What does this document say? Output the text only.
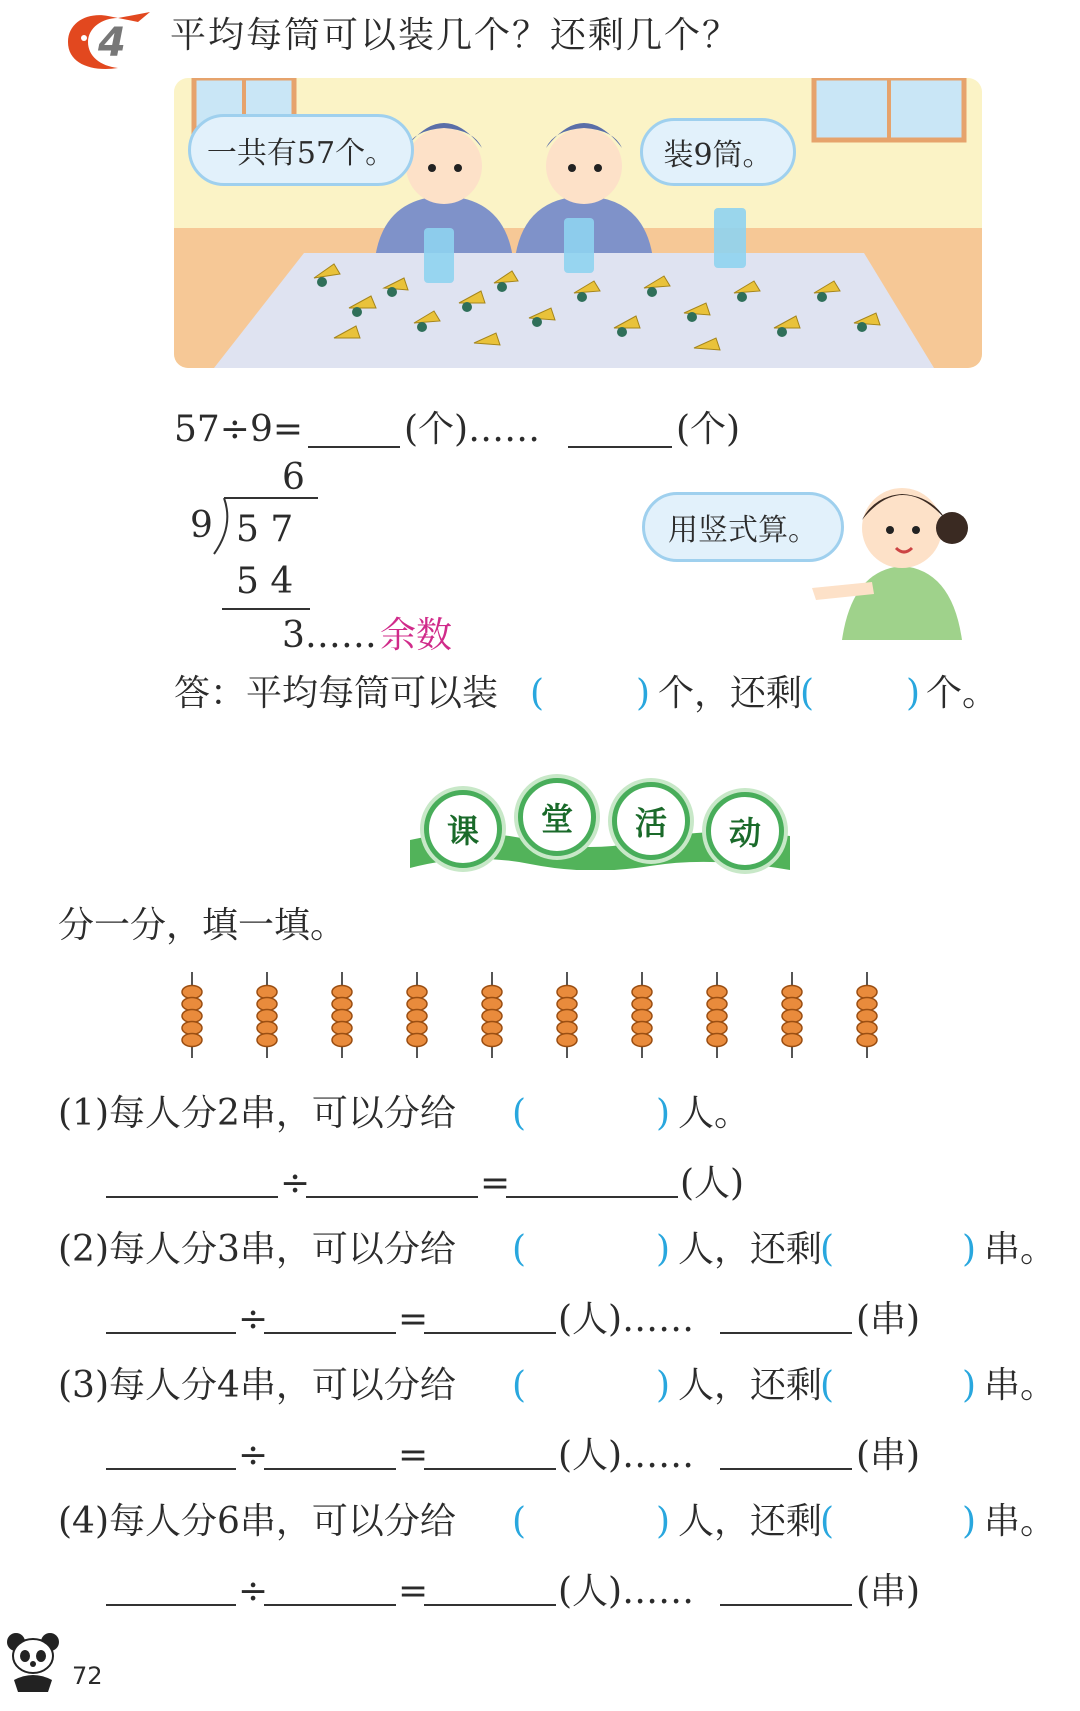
4 平均每筒可以装几个？还剩几个？
一共有57个。	装9筒。
57÷9=	(个)……	(个)
6
9 5 7
5 4
3…… 余数
用竖式算。
答：平均每筒可以装 (	) 个，还剩
(	) 个。
课	堂	活	动
分一分，填一填。
(1)每人分2串，可以分给 (	) 人。
÷	=	(人)
(2)每人分3串，可以分给 (	) 人，还剩
(	) 串。
÷	=	(人)……	(串)
(3)每人分4串，可以分给 (	) 人，还剩
(	) 串。
÷	=	(人)……	(串)
(4)每人分6串，可以分给 (	) 人，还剩
(	) 串。
÷	=	(人)……	(串)
72
